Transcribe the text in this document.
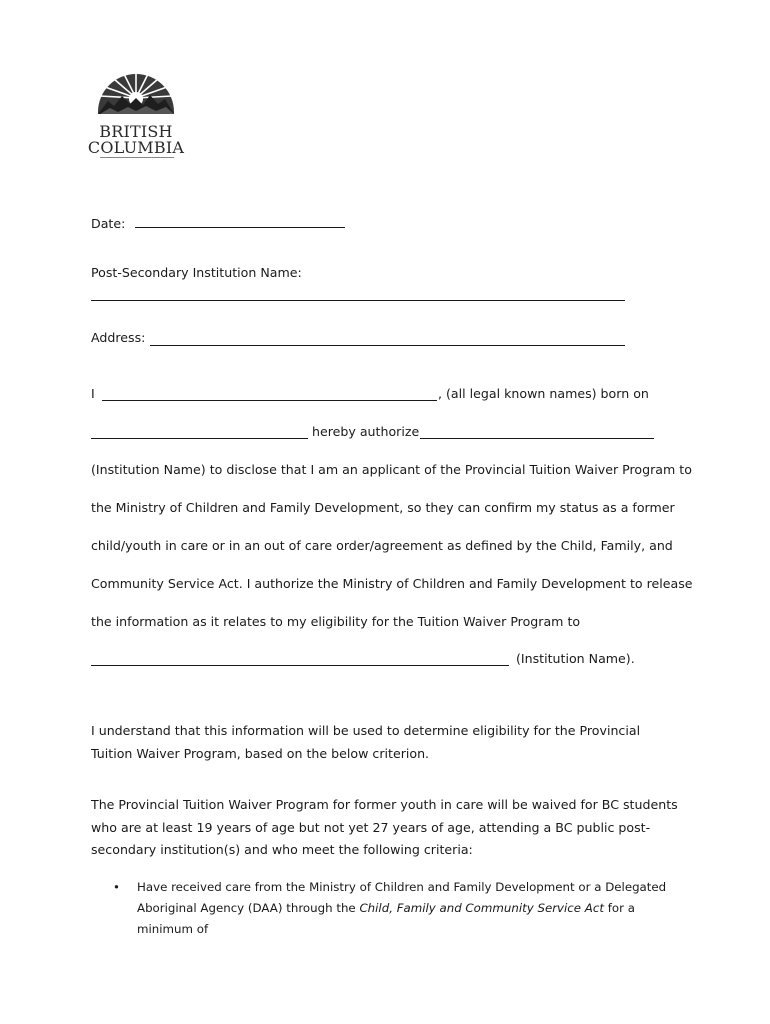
BRITISH
COLUMBIA
Date:
Post-Secondary Institution Name:
Address:
I	, (all legal known names) born on
hereby authorize
(Institution Name) to disclose that I am an applicant of the Provincial Tuition Waiver Program to
the Ministry of Children and Family Development, so they can confirm my status as a former
child/youth in care or in an out of care order/agreement as defined by the Child, Family, and
Community Service Act. I authorize the Ministry of Children and Family Development to release
the information as it relates to my eligibility for the Tuition Waiver Program to
(Institution Name).
I understand that this information will be used to determine eligibility for the Provincial Tuition Waiver Program, based on the below criterion.
The Provincial Tuition Waiver Program for former youth in care will be waived for BC students who are at least 19 years of age but not yet 27 years of age, attending a BC public post-secondary institution(s) and who meet the following criteria:
• Have received care from the Ministry of Children and Family Development or a Delegated Aboriginal Agency (DAA) through the Child, Family and Community Service Act for a minimum of
